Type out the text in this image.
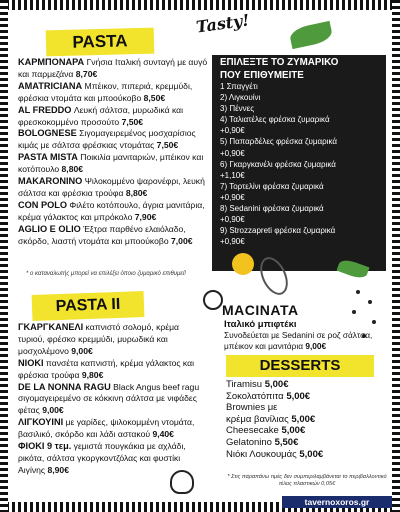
PASTA
Tasty!
ΚΑΡΜΠΟΝΑΡΑ Γνήσια Ιταλική συνταγή με αυγό και παρμεζάνα 8,70€
AMATRICIANA Μπέικον, πιπεριά, κρεμμύδι, φρέσκια ντομάτα και μποούκοβο 8,50€
AL FREDDO Λευκή σάλτσα, μυρωδικά και φρεσκοκομμένο προσούτο 7,50€
BOLOGNESE Σιγομαγειρεμένος μοσχαρίσιος κιμάς με σάλτσα φρέσκιας ντομάτας 7,50€
PASTA MISTA Ποικιλία μανιταριών, μπέικον και κοτόπουλο 8,80€
MAKARONINO Ψιλοκομμένο ψαρονέφρι, λευκή σάλτσα και φρέσκια τρούφα 8,80€
CON POLO Φιλέτο κοτόπουλο, άγρια μανιτάρια, κρέμα γάλακτος και μπρόκολο 7,90€
AGLIO E OLIO Έξτρα παρθένο ελαιόλαδο, σκόρδο, λιαστή ντομάτα και μποούκοβο 7,00€
* ο καταναλωτής μπορεί να επιλέξει όποιο ζυμαρικό επιθυμεί!
ΕΠΙΛΕΞΤΕ ΤΟ ΖΥΜΑΡΙΚΟ
ΠΟΥ ΕΠΙΘΥΜΕΙΤΕ
1 Σπαγγέτι
2) Λιγκουίνι
3) Πέννες
4) Ταλιατέλες φρέσκα ζυμαρικά
+0,90€
5) Παπαρδέλες φρέσκα ζυμαρικά
+0,90€
6) Γκαργκανέλι φρέσκα ζυμαρικά
+1,10€
7) Τορτελίνι φρέσκα ζυμαρικά
+0,90€
8) Sedanini φρέσκα ζυμαρικά
+0,90€
9) Strozzapreti φρέσκα ζυμαρικά
+0,90€
PASTA ΙΙ
ΓΚΑΡΓΚΑΝΕΛΙ καπνιστό σολομό, κρέμα τυριού, φρέσκο κρεμμύδι, μυρωδικά και μοσχολέμονο 9,00€
ΝΙΟΚΙ πανσέτα καπνιστή, κρέμα γάλακτος και φρέσκια τρούφα 9,80€
DE LA NONNA RAGU Black Angus beef ragu σιγομαγειρεμένο σε κόκκινη σάλτσα με νιφάδες φέτας 9,00€
ΛΙΓΚΟΥΙΝΙ με γαρίδες, ψιλοκομμένη ντομάτα, βασιλικό, σκόρδο και λάδι αστακού 9,40€
ΦΙΟΚΙ 9 τεμ. γεμιστά πουγκάκια με αχλάδι, ρικότα, σάλτσα γκοργκοντζόλας και φυστίκι Αιγίνης 8,90€
MACINATA
Ιταλικό μπιφτέκι
Συνοδεύεται με Sedanini σε ροζ σάλτσα, μπέικον και μανιτάρια 9,00€
DESSERTS
Tiramisu 5,00€
Σοκολατόπιτα 5,00€
Brownies με
κρέμα βανίλιας 5,00€
Cheesecake 5,00€
Gelatonino 5,50€
Νιόκι Λουκουμάς 5,00€
* Στις παραπάνω τιμές δεν συμπεριλαμβάνεται το περιβαλλοντικό τέλος πλαστικών 0,05€
tavernoxoros.gr
